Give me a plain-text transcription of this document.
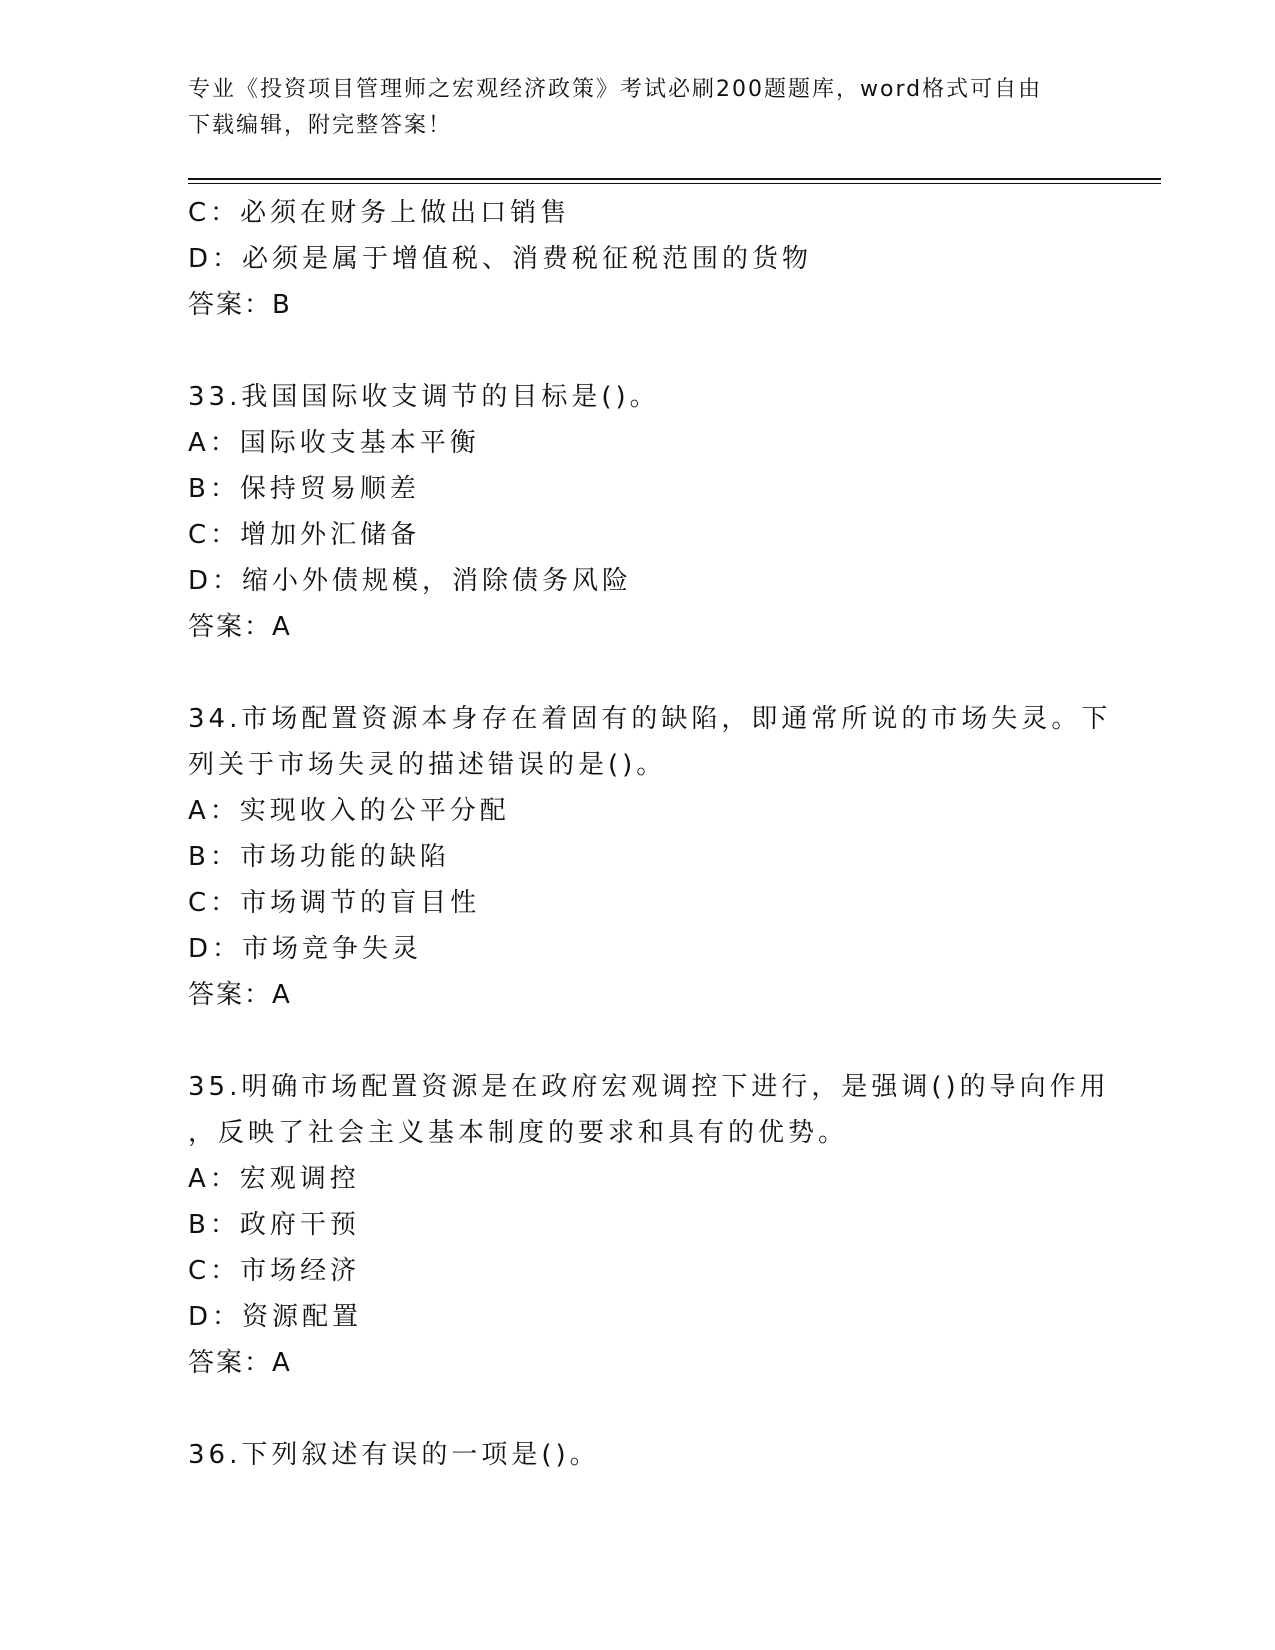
专业《投资项目管理师之宏观经济政策》考试必刷200题题库，word格式可自由
下载编辑，附完整答案！
C：必须在财务上做出口销售
D：必须是属于增值税、消费税征税范围的货物
答案：B
33.我国国际收支调节的目标是()。
A：国际收支基本平衡
B：保持贸易顺差
C：增加外汇储备
D：缩小外债规模，消除债务风险
答案：A
34.市场配置资源本身存在着固有的缺陷，即通常所说的市场失灵。下
列关于市场失灵的描述错误的是()。
A：实现收入的公平分配
B：市场功能的缺陷
C：市场调节的盲目性
D：市场竞争失灵
答案：A
35.明确市场配置资源是在政府宏观调控下进行，是强调()的导向作用
，反映了社会主义基本制度的要求和具有的优势。
A：宏观调控
B：政府干预
C：市场经济
D：资源配置
答案：A
36.下列叙述有误的一项是()。
